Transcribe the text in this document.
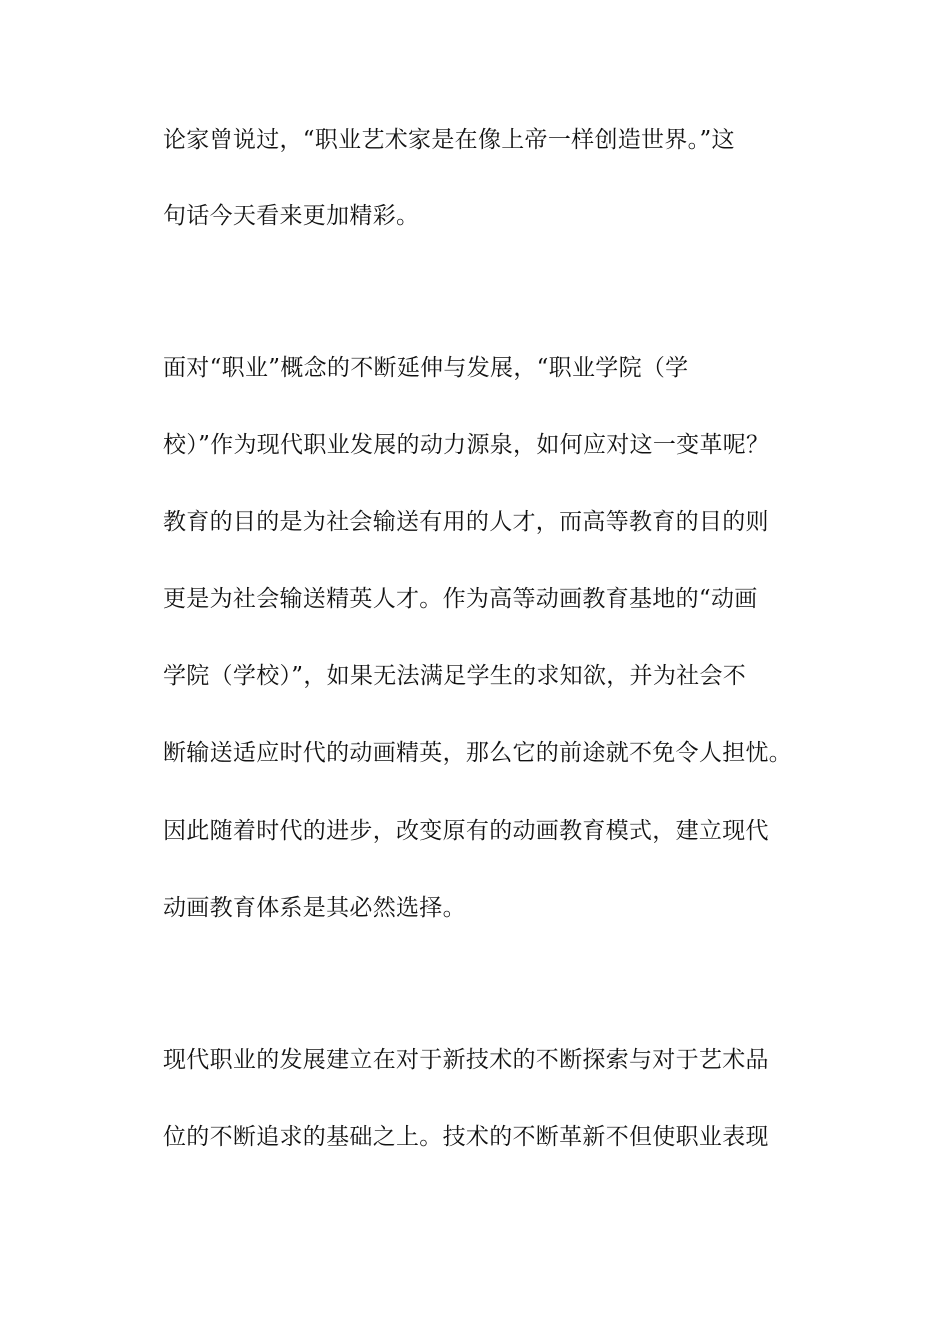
论家曾说过，“职业艺术家是在像上帝一样创造世界。”这

句话今天看来更加精彩。

面对“职业”概念的不断延伸与发展，“职业学院（学

校）”作为现代职业发展的动力源泉，如何应对这一变革呢？

教育的目的是为社会输送有用的人才，而高等教育的目的则

更是为社会输送精英人才。作为高等动画教育基地的“动画

学院（学校）”，如果无法满足学生的求知欲，并为社会不

断输送适应时代的动画精英，那么它的前途就不免令人担忧。

因此随着时代的进步，改变原有的动画教育模式，建立现代

动画教育体系是其必然选择。

现代职业的发展建立在对于新技术的不断探索与对于艺术品

位的不断追求的基础之上。技术的不断革新不但使职业表现
